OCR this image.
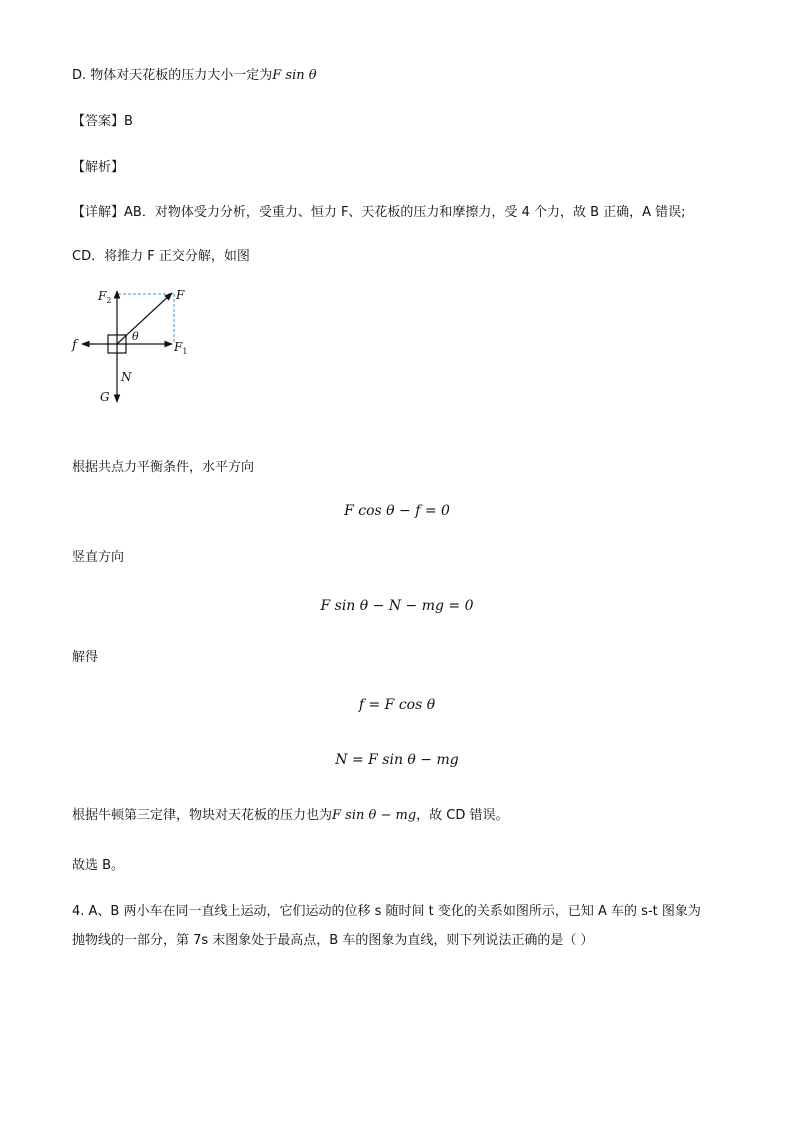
D. 物体对天花板的压力大小一定为F sin θ
【答案】B
【解析】
【详解】AB．对物体受力分析，受重力、恒力 F、天花板的压力和摩擦力，受 4 个力，故 B 正确，A 错误;
CD．将推力 F 正交分解，如图
$F_2$	F
θ
$F_1$
f
N
G
根据共点力平衡条件，水平方向
F cos θ − f = 0
竖直方向
F sin θ − N − mg = 0
解得
f = F cos θ
N = F sin θ − mg
根据牛顿第三定律，物块对天花板的压力也为F sin θ − mg，故 CD 错误。
故选 B。
4. A、B 两小车在同一直线上运动，它们运动的位移 s 随时间 t 变化的关系如图所示，已知 A 车的 s-t 图象为
抛物线的一部分，第 7s 末图象处于最高点，B 车的图象为直线，则下列说法正确的是（ ）
